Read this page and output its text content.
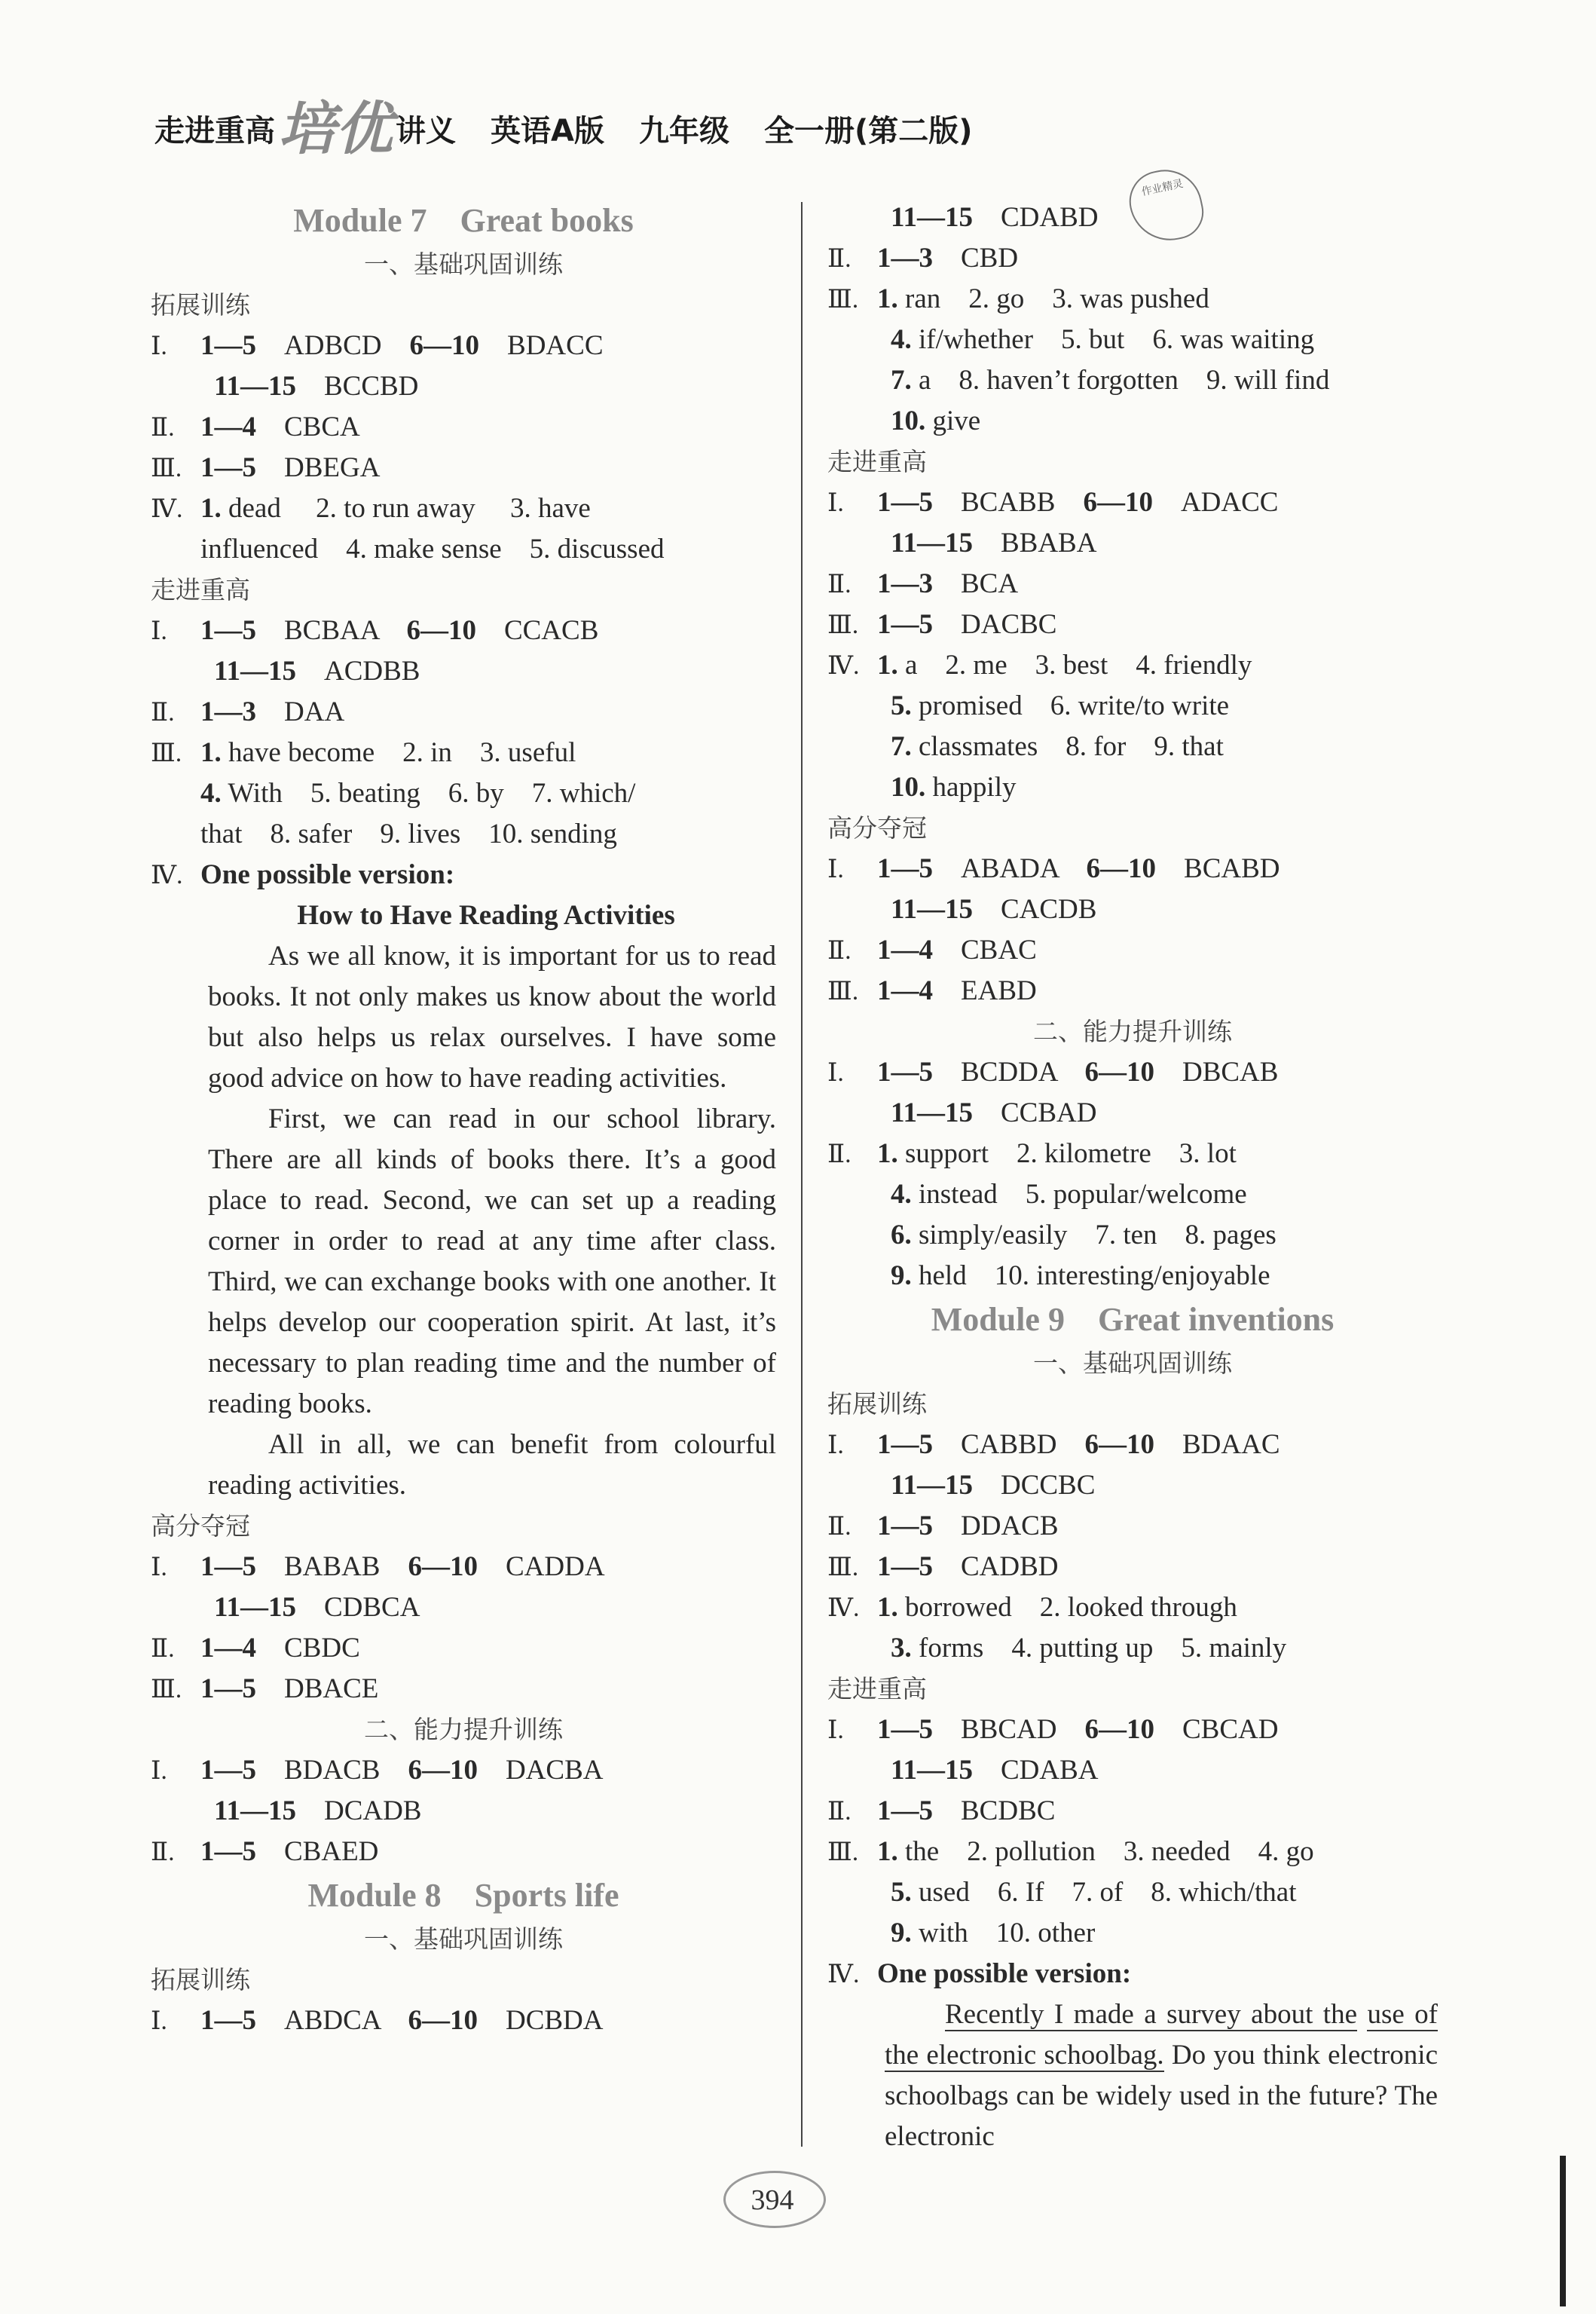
走进重高培优 讲义 英语A版 九年级 全一册(第二版)
作业精灵
Module 7　Great books
一、基础巩固训练
拓展训练
Ⅰ. 1—5　 ADBCD　 6—10　 BDACC
11—15　 BCCBD
Ⅱ. 1—4　 CBCA
Ⅲ. 1—5　 DBEGA
Ⅳ. 1. dead　 2. to run away　 3. have
influenced　4. make sense　5. discussed
走进重高
Ⅰ. 1—5　 BCBAA　 6—10　 CCACB
11—15　 ACDBB
Ⅱ. 1—3　 DAA
Ⅲ. 1. have become　2. in　3. useful
4. With　5. beating　6. by　7. which/
that　8. safer　9. lives　10. sending
Ⅳ. One possible version:
How to Have Reading Activities
As we all know, it is important for us to read books. It not only makes us know about the world but also helps us relax ourselves. I have some good advice on how to have reading activities.
First, we can read in our school library. There are all kinds of books there. It’s a good place to read. Second, we can set up a reading corner in order to read at any time after class. Third, we can exchange books with one another. It helps develop our cooperation spirit. At last, it’s necessary to plan reading time and the number of reading books.
All in all, we can benefit from colourful reading activities.
高分夺冠
Ⅰ. 1—5　 BABAB　 6—10　 CADDA
11—15　 CDBCA
Ⅱ. 1—4　 CBDC
Ⅲ. 1—5　 DBACE
二、能力提升训练
Ⅰ. 1—5　 BDACB　 6—10　 DACBA
11—15　 DCADB
Ⅱ. 1—5　 CBAED
Module 8　Sports life
一、基础巩固训练
拓展训练
Ⅰ. 1—5　 ABDCA　 6—10　 DCBDA
11—15　 CDABD
Ⅱ. 1—3　 CBD
Ⅲ. 1. ran　2. go　3. was pushed
4. if/whether　5. but　6. was waiting
7. a　8. haven’t forgotten　9. will find
10. give
走进重高
Ⅰ. 1—5　 BCABB　 6—10　 ADACC
11—15　 BBABA
Ⅱ. 1—3　 BCA
Ⅲ. 1—5　 DACBC
Ⅳ. 1. a　2. me　3. best　4. friendly
5. promised　6. write/to write
7. classmates　8. for　9. that
10. happily
高分夺冠
Ⅰ. 1—5　 ABADA　 6—10　 BCABD
11—15　 CACDB
Ⅱ. 1—4　 CBAC
Ⅲ. 1—4　 EABD
二、能力提升训练
Ⅰ. 1—5　 BCDDA　 6—10　 DBCAB
11—15　 CCBAD
Ⅱ. 1. support　2. kilometre　3. lot
4. instead　5. popular/welcome
6. simply/easily　7. ten　8. pages
9. held　10. interesting/enjoyable
Module 9　Great inventions
一、基础巩固训练
拓展训练
Ⅰ. 1—5　 CABBD　 6—10　 BDAAC
11—15　 DCCBC
Ⅱ. 1—5　 DDACB
Ⅲ. 1—5　 CADBD
Ⅳ. 1. borrowed　2. looked through
3. forms　4. putting up　5. mainly
走进重高
Ⅰ. 1—5　 BBCAD　 6—10　 CBCAD
11—15　 CDABA
Ⅱ. 1—5　 BCDBC
Ⅲ. 1. the　2. pollution　3. needed　4. go
5. used　6. If　7. of　8. which/that
9. with　10. other
Ⅳ. One possible version:
Recently I made a survey about the use of the electronic schoolbag. Do you think electronic schoolbags can be widely used in the future? The electronic
394
